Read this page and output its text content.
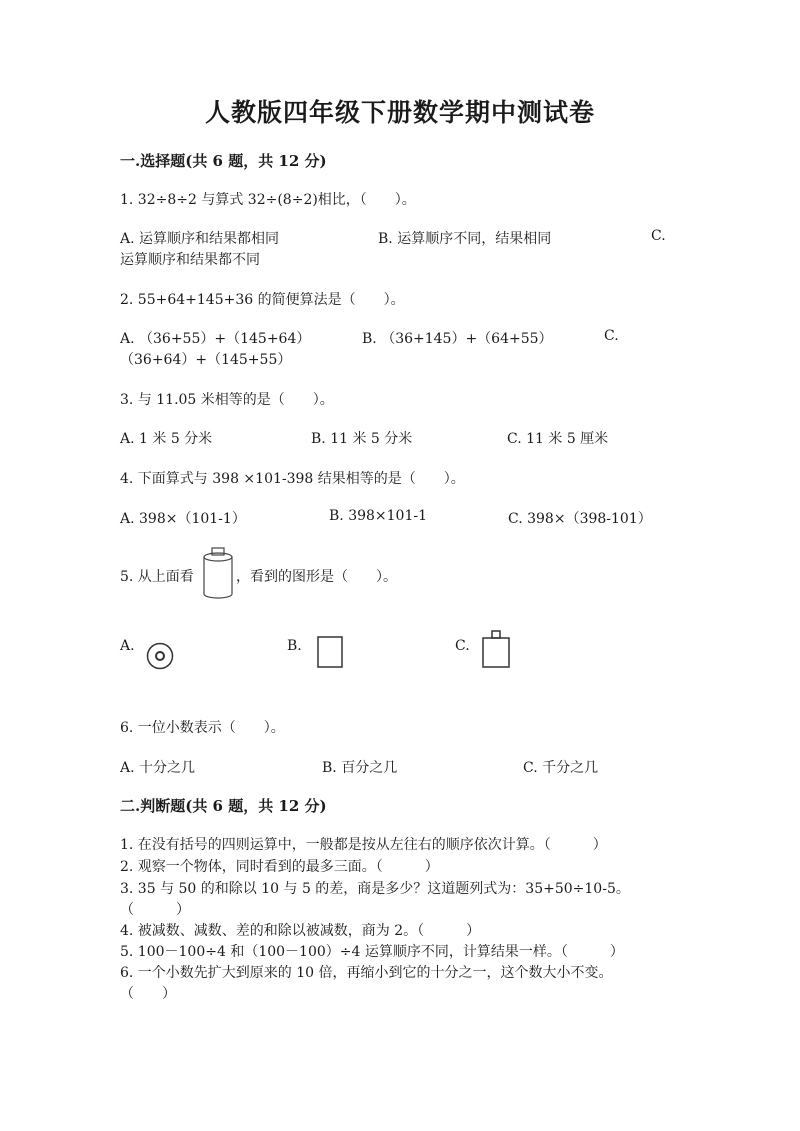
人教版四年级下册数学期中测试卷
一.选择题(共 6 题，共 12 分)
1. 32÷8÷2 与算式 32÷(8÷2)相比，（　　）。
A. 运算顺序和结果都相同	B. 运算顺序不同，结果相同	C.
运算顺序和结果都不同
2. 55+64+145+36 的简便算法是（　　）。
A. （36+55）+（145+64）	B. （36+145）+（64+55）	C.
（36+64）+（145+55）
3. 与 11.05 米相等的是（　　）。
A. 1 米 5 分米	B. 11 米 5 分米	C. 11 米 5 厘米
4. 下面算式与 398 ×101-398 结果相等的是（　　）。
A. 398×（101-1）	B. 398×101-1	C. 398×（398-101）
5. 从上面看	，看到的图形是（　　）。
A.	B.	C.
6. 一位小数表示（　　）。
A. 十分之几	B. 百分之几	C. 千分之几
二.判断题(共 6 题，共 12 分)
1. 在没有括号的四则运算中，一般都是按从左往右的顺序依次计算。（　　　）
2. 观察一个物体，同时看到的最多三面。（　　　）
3. 35 与 50 的和除以 10 与 5 的差，商是多少？这道题列式为：35+50÷10-5。
（　　　）
4. 被减数、减数、差的和除以被减数，商为 2。（　　　）
5. 100－100÷4 和（100－100）÷4 运算顺序不同，计算结果一样。（　　　）
6. 一个小数先扩大到原来的 10 倍，再缩小到它的十分之一，这个数大小不变。
（　　）
